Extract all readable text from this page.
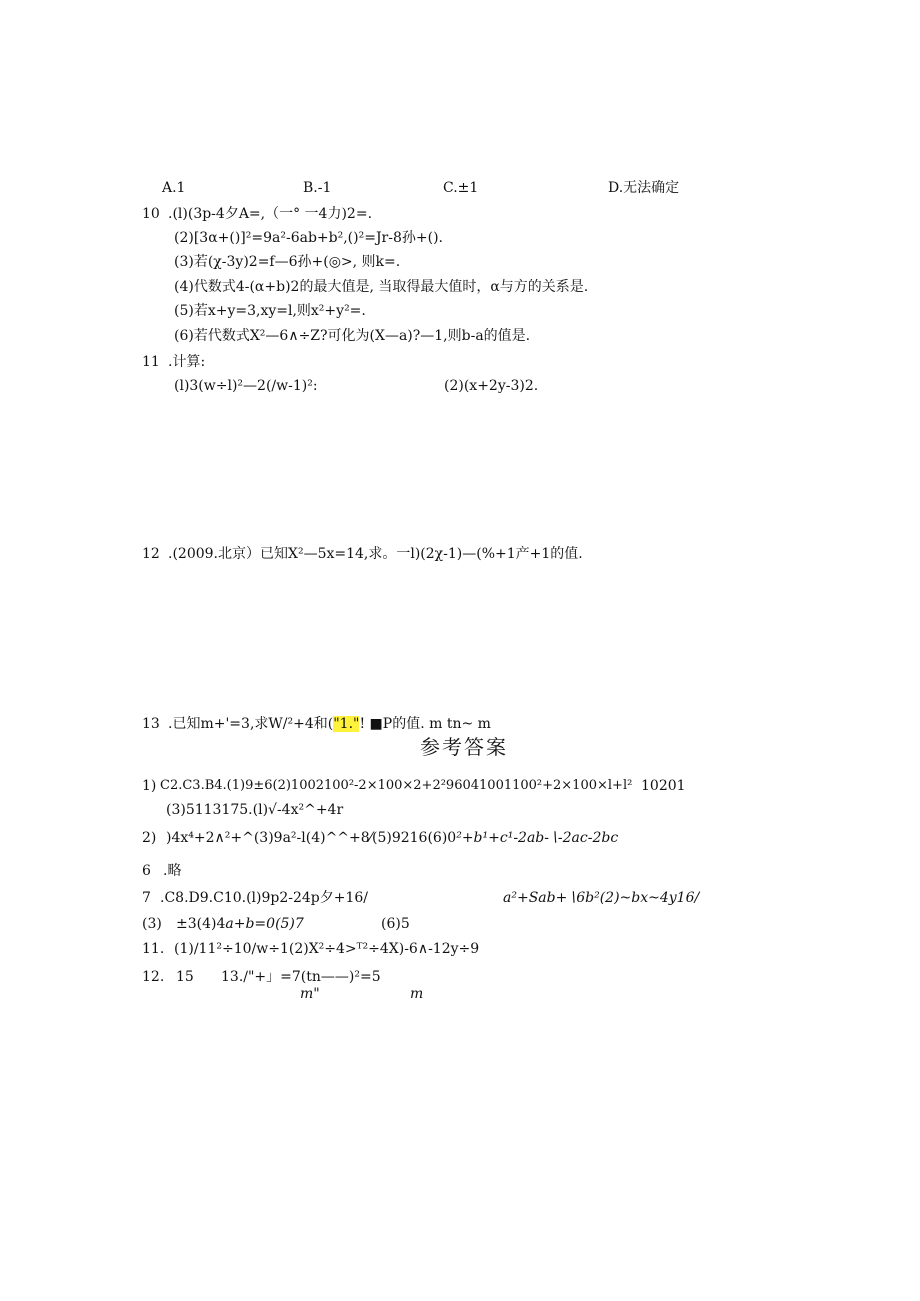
A.1	B.-1	C.±1	D.无法确定
10 .(l)(3p-4夕A=,（一° 一4力)2=.
(2)[3α+()]²=9a²-6ab+b²,()²=Jr-8孙+().
(3)若(χ-3y)2=f—6孙+(◎>, 则k=.
(4)代数式4-(α+b)2的最大值是, 当取得最大值时，α与方的关系是.
(5)若x+y=3,xy=l,则x²+y²=.
(6)若代数式X²—6∧÷Z?可化为(X—a)?—1,则b-a的值是.
11 .计算:
(l)3(w÷l)²—2(∕w-1)²:	(2)(x+2y-3)2.
12 .(2009.北京）已知X²—5x=14,求。一l)(2χ-1)—(%+1产+1的值.
13 .已知m+'=3,求W/²+4和("1."! ■P的值. m tn~ m
参考答案
1) C2.C3.B4.(1)9±6(2)1002100²-2×100×2+2²96041001100²+2×100×l+l² 10201
(3)5113175.(l)√-4x²^+4r
2) )4x⁴+2∧²+^(3)9a²-l(4)^^+8⁄(5)9216(6)0²+b¹+c¹-2ab-∖-2ac-2bc
6 .略
7 .C8.D9.C10.(l)9p2-24p夕+16/	a²+Sab+∖6b²(2)~bx~4y16/
(3) ±3(4)4a+b=0(5)7	(6)5
11. (1)∕11²÷10∕w÷1(2)X²÷4>ᵀ²÷4X)-6∧-12y÷9
12. 15 13.∕"+」=7(tn——)²=5
m"	m
